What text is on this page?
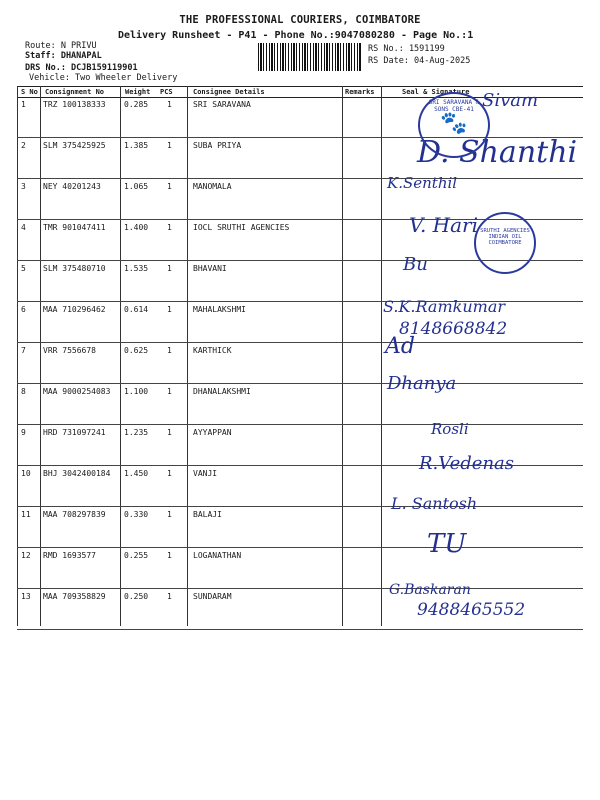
THE PROFESSIONAL COURIERS, COIMBATORE
Delivery Runsheet - P41 - Phone No.:9047080280 - Page No.:1
Route: N PRIVU
Staff: DHANAPAL
DRS No.: DCJB159119901
Vehicle: Two Wheeler Delivery
RS No.: 1591199
RS Date: 04-Aug-2025
S No Consignment No	Weight PCS	Consignee Details	Remarks	Seal & Signature
1 TRZ 100138333 0.285 1	SRI SARAVANA	Sivam
2 SLM 375425925 1.385 1	SUBA PRIYA	D. Shanthi
3 NEY 40201243	1.065 1	MANOMALA	K.Senthil
4 TMR 901047411 1.400 1	IOCL SRUTHI AGENCIES	V. Hari
5 SLM 375480710 1.535 1	BHAVANI	Bu
6 MAA 710296462 0.614 1	MAHALAKSHMI	S.K.Ramkumar
8148668842
7 VRR 7556678	0.625 1	KARTHICK	Ad
8 MAA 9000254083 1.100 1	DHANALAKSHMI	Dhanya
9 HRD 731097241 1.235 1	AYYAPPAN	Rosli
10 BHJ 3042400184 1.450 1	VANJI	R.Vedenas
11 MAA 708297839 0.330 1	BALAJI
L. Santosh
12 RMD 1693577	0.255 1	LOGANATHAN	TU
13 MAA 709358829 0.250 1	SUNDARAM	G.Baskaran
9488465552
SRI SARAVANA & SONS CBE-41
🐾
SRUTHI AGENCIES INDIAN OIL COIMBATORE
